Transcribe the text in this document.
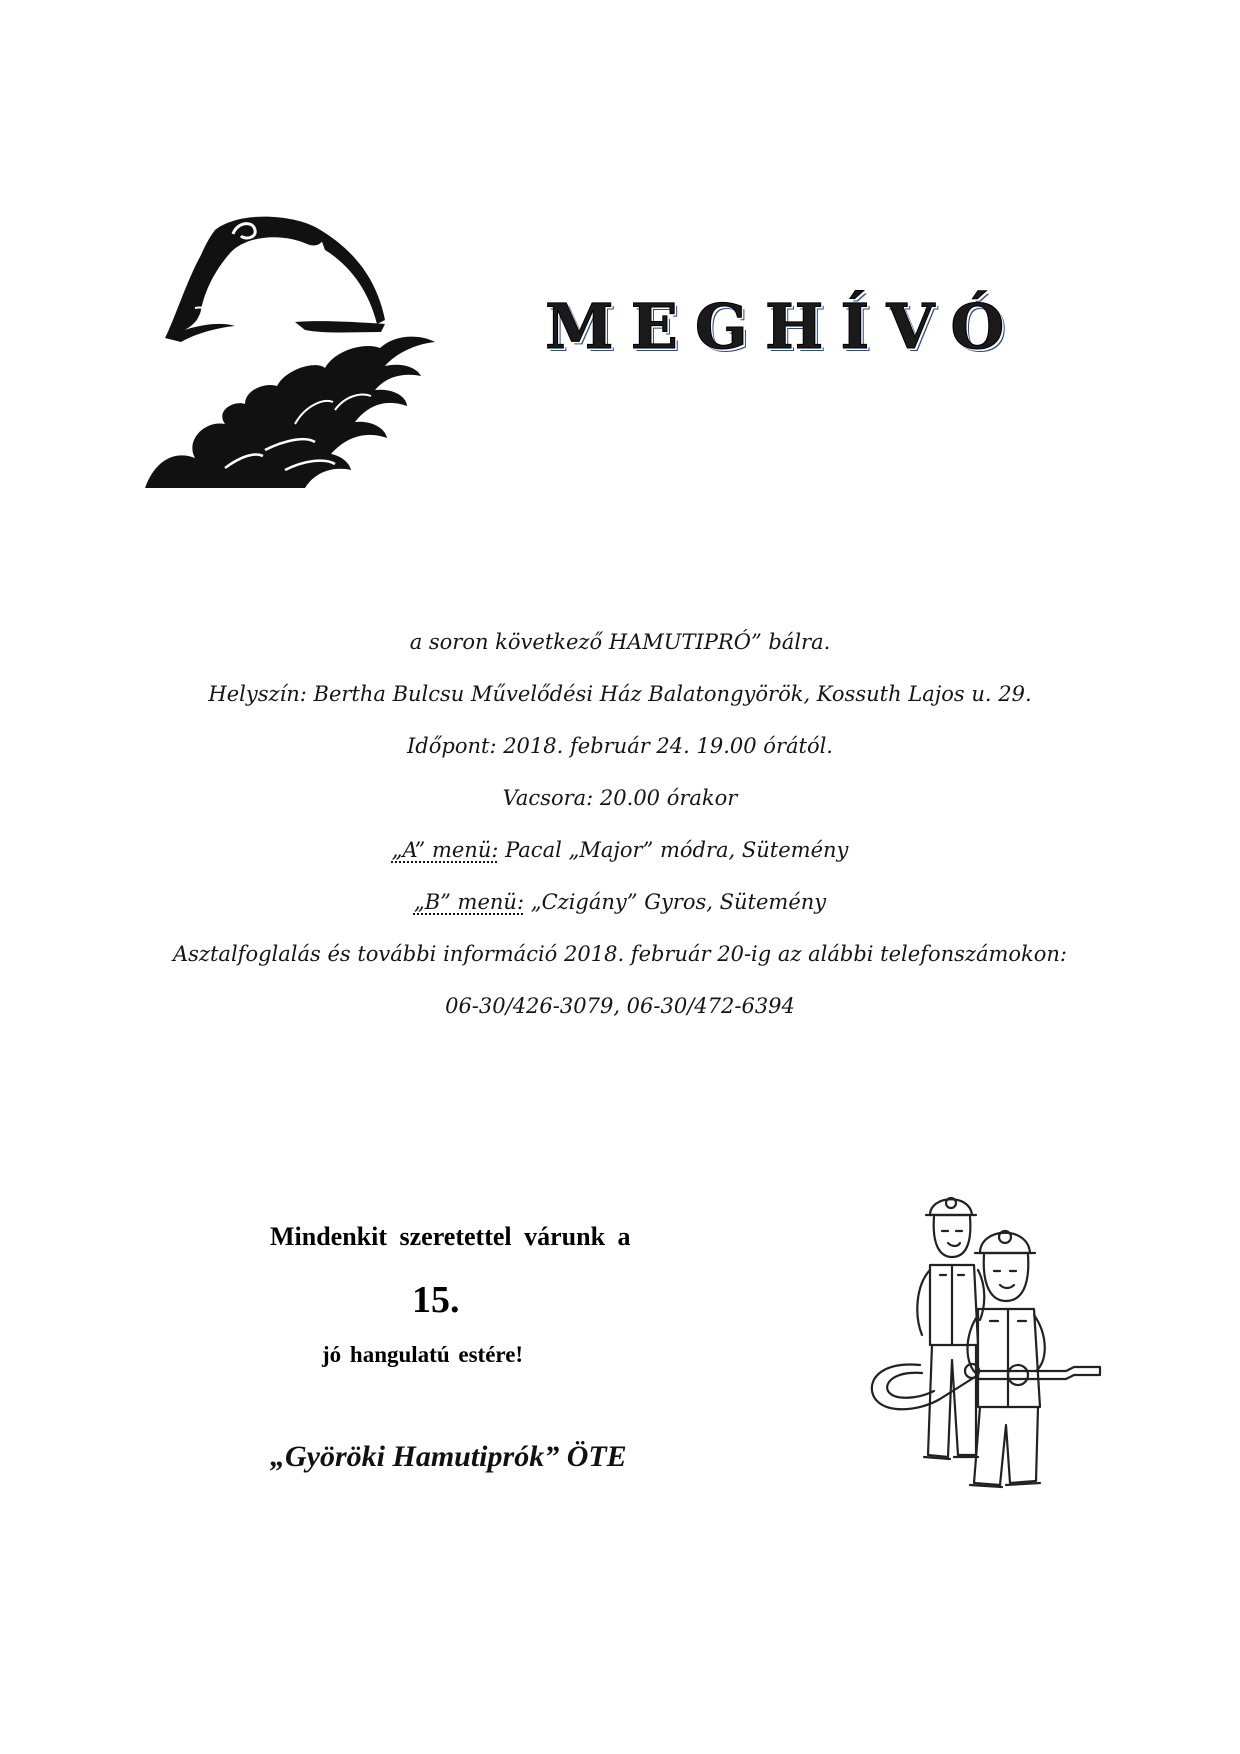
MEGHÍVÓ
a soron következő HAMUTIPRÓ” bálra.
Helyszín: Bertha Bulcsu Művelődési Ház Balatongyörök, Kossuth Lajos u. 29.
Időpont: 2018. február 24. 19.00 órától.
Vacsora: 20.00 órakor
„A” menü: Pacal „Major” módra, Sütemény
„B” menü: „Czigány” Gyros, Sütemény
Asztalfoglalás és további információ 2018. február 20-ig az alábbi telefonszámokon:
06-30/426-3079, 06-30/472-6394
Mindenkit szeretettel várunk a
15.
jó hangulatú estére!
„Györöki Hamutiprók” ÖTE
